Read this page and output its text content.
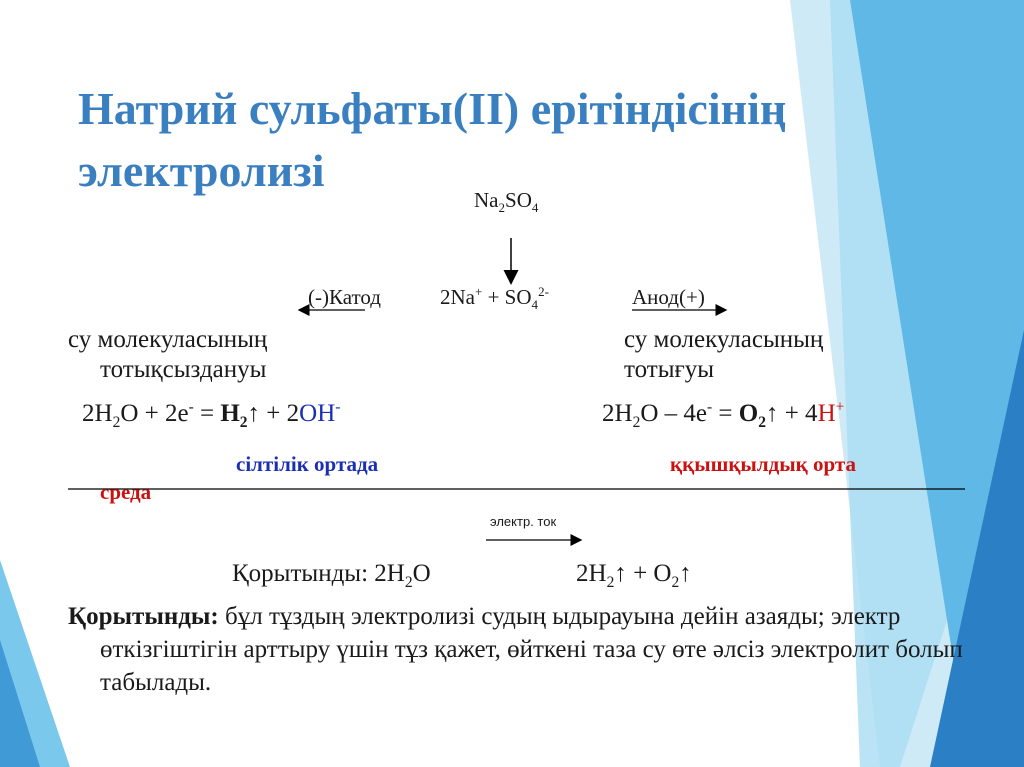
Натрий сульфаты(II) ерітіндісінің
электролизі
$Na_2SO_4$
(-)Катод	$2Na^+ + SO_4^{2-}$	Анод(+)
су молекуласының
тотықсыздануы
$2H_2O + 2e^-$ = $H_2↑ + 2OH^-$
сілтілік ортада
среда
су молекуласының
тотығуы
$2H_2O - 4e^-$ = $O_2↑ + 4H^+$
ққышқылдық орта
электр. ток
Қорытынды: $2H_2O$	$2H_2↑$ + $O_2↑$
Қорытынды: бұл тұздың электролизі судың ыдырауына дейін азаяды; электр өткізгіштігін арттыру үшін тұз қажет, өйткені таза су өте әлсіз электролит болып табылады.
